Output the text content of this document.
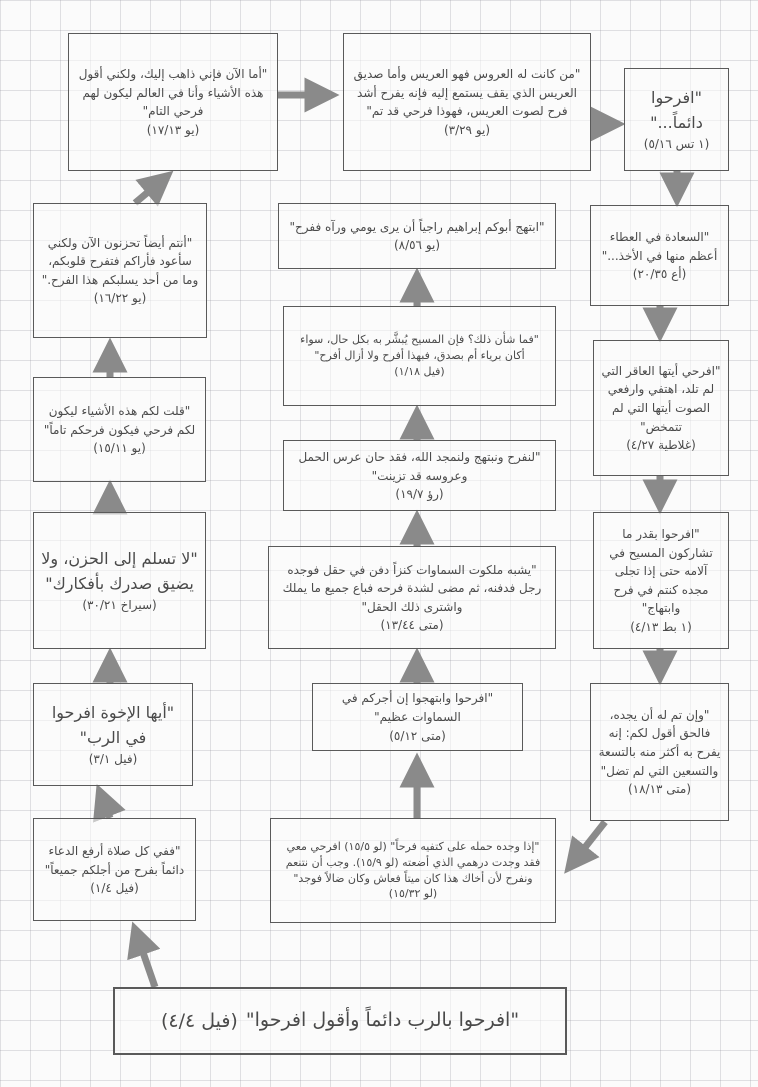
"أما الآن فإني ذاهب إليك، ولكني أقول هذه الأشياء وأنا في العالم ليكون لهم فرحي التام"
(يو ١٧/١٣)
"أنتم أيضاً تحزنون الآن ولكني سأعود فأراكم فتفرح قلوبكم، وما من أحد يسلبكم هذا الفرح."
(يو ١٦/٢٢)
"قلت لكم هذه الأشياء ليكون لكم فرحي فيكون فرحكم تاماً"
(يو ١٥/١١)
"لا تسلم إلى الحزن، ولا يضيق صدرك بأفكارك"
(سيراخ ٣٠/٢١)
"أيها الإخوة افرحوا في الرب"
(فيل ٣/١)
"ففي كل صلاة أرفع الدعاء دائماً بفرح من أجلكم جميعاً"
(فيل ١/٤)
"من كانت له العروس فهو العريس وأما صديق العريس الذي يقف يستمع إليه فإنه يفرح أشد فرح لصوت العريس، فهوذا فرحي قد تم"
(يو ٣/٢٩)
"ابتهج أبوكم إبراهيم راجياً أن يرى يومي ورآه ففرح"
(يو ٨/٥٦)
"فما شأن ذلك؟ فإن المسيح يُبشَّر به بكل حال، سواء أكان برياء أم بصدق، فبهذا أفرح ولا أزال أفرح"
(فيل ١/١٨)
"لنفرح ونبتهج ولنمجد الله، فقد حان عرس الحمل وعروسه قد تزينت"
(رؤ ١٩/٧)
"يشبه ملكوت السماوات كنزاً دفن في حقل فوجده رجل فدفنه، ثم مضى لشدة فرحه فباع جميع ما يملك واشترى ذلك الحقل"
(متى ١٣/٤٤)
"افرحوا وابتهجوا إن أجركم في السماوات عظيم"
(متى ٥/١٢)
"إذا وجده حمله على كتفيه فرحاً" (لو ١٥/٥) افرحي معي فقد وجدت درهمي الذي أضعته (لو ١٥/٩). وجب أن نتنعم ونفرح لأن أخاك هذا كان ميتاً فعاش وكان ضالاً فوجد"
(لو ١٥/٣٢)
"افرحوا دائماً..."
(١ تس ٥/١٦)
"السعادة في العطاء أعظم منها في الأخذ..."
(أع ٢٠/٣٥)
"افرحي أيتها العاقر التي لم تلد، اهتفي وارفعي الصوت أيتها التي لم تتمخض"
(غلاطية ٤/٢٧)
"افرحوا بقدر ما تشاركون المسيح في آلامه حتى إذا تجلى مجده كنتم في فرح وابتهاج"
(١ بط ٤/١٣)
"وإن تم له أن يجده، فالحق أقول لكم: إنه يفرح به أكثر منه بالتسعة والتسعين التي لم تضل"
(متى ١٨/١٣)
"افرحوا بالرب دائماً وأقول افرحوا"
(فيل ٤/٤)
